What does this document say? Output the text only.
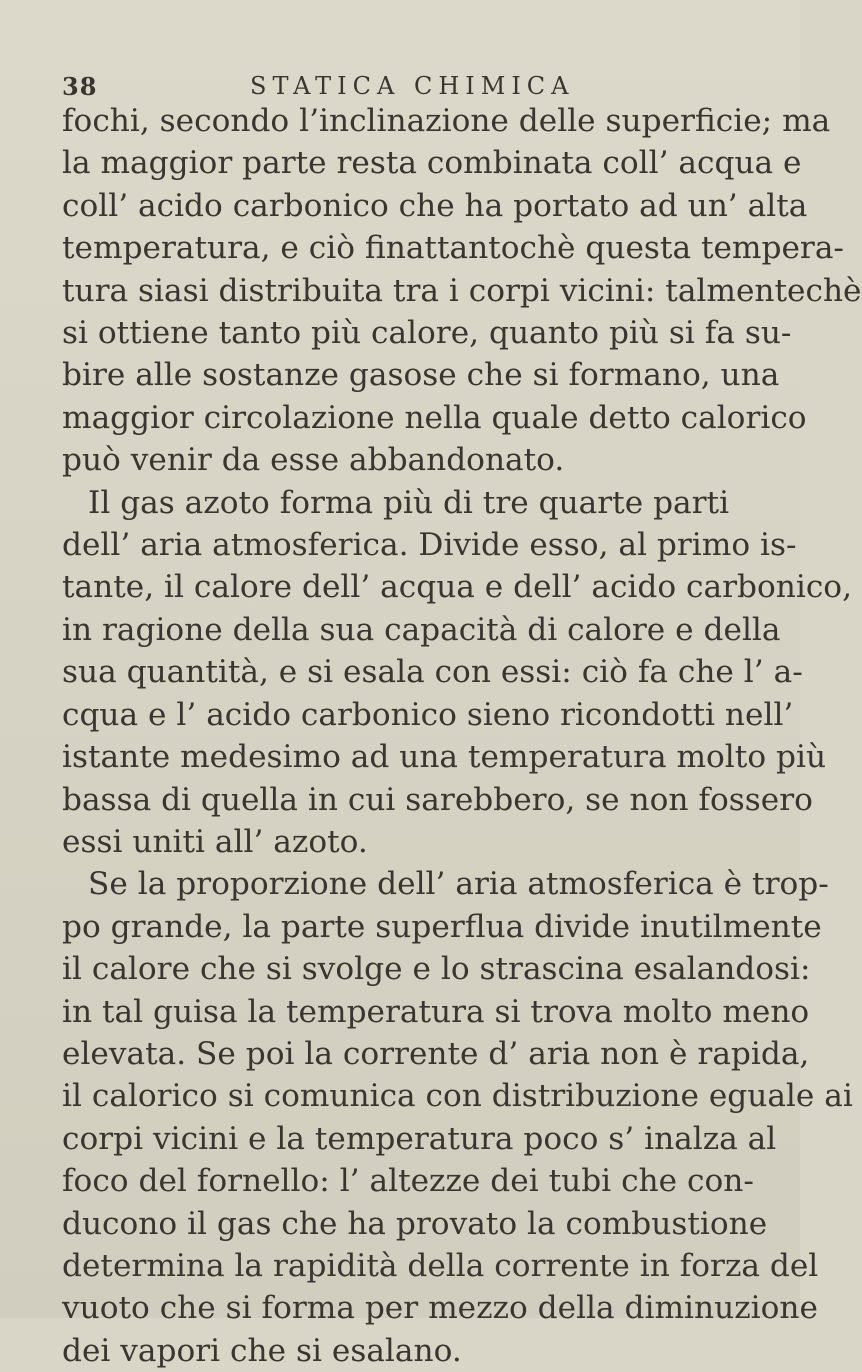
38	STATICA CHIMICA

fochi, secondo l’inclinazione delle superficie; ma
la maggior parte resta combinata coll’ acqua e
coll’ acido carbonico che ha portato ad un’ alta
temperatura, e ciò finattantochè questa tempera-
tura siasi distribuita tra i corpi vicini: talmentechè
si ottiene tanto più calore, quanto più si fa su-
bire alle sostanze gasose che si formano, una
maggior circolazione nella quale detto calorico
può venir da esse abbandonato.

Il gas azoto forma più di tre quarte parti
dell’ aria atmosferica. Divide esso, al primo is-
tante, il calore dell’ acqua e dell’ acido carbonico,
in ragione della sua capacità di calore e della
sua quantità, e si esala con essi: ciò fa che l’ a-
cqua e l’ acido carbonico sieno ricondotti nell’
istante medesimo ad una temperatura molto più
bassa di quella in cui sarebbero, se non fossero
essi uniti all’ azoto.

Se la proporzione dell’ aria atmosferica è trop-
po grande, la parte superflua divide inutilmente
il calore che si svolge e lo strascina esalandosi:
in tal guisa la temperatura si trova molto meno
elevata. Se poi la corrente d’ aria non è rapida,
il calorico si comunica con distribuzione eguale ai
corpi vicini e la temperatura poco s’ inalza al
foco del fornello: l’ altezze dei tubi che con-
ducono il gas che ha provato la combustione
determina la rapidità della corrente in forza del
vuoto che si forma per mezzo della diminuzione
dei vapori che si esalano.
